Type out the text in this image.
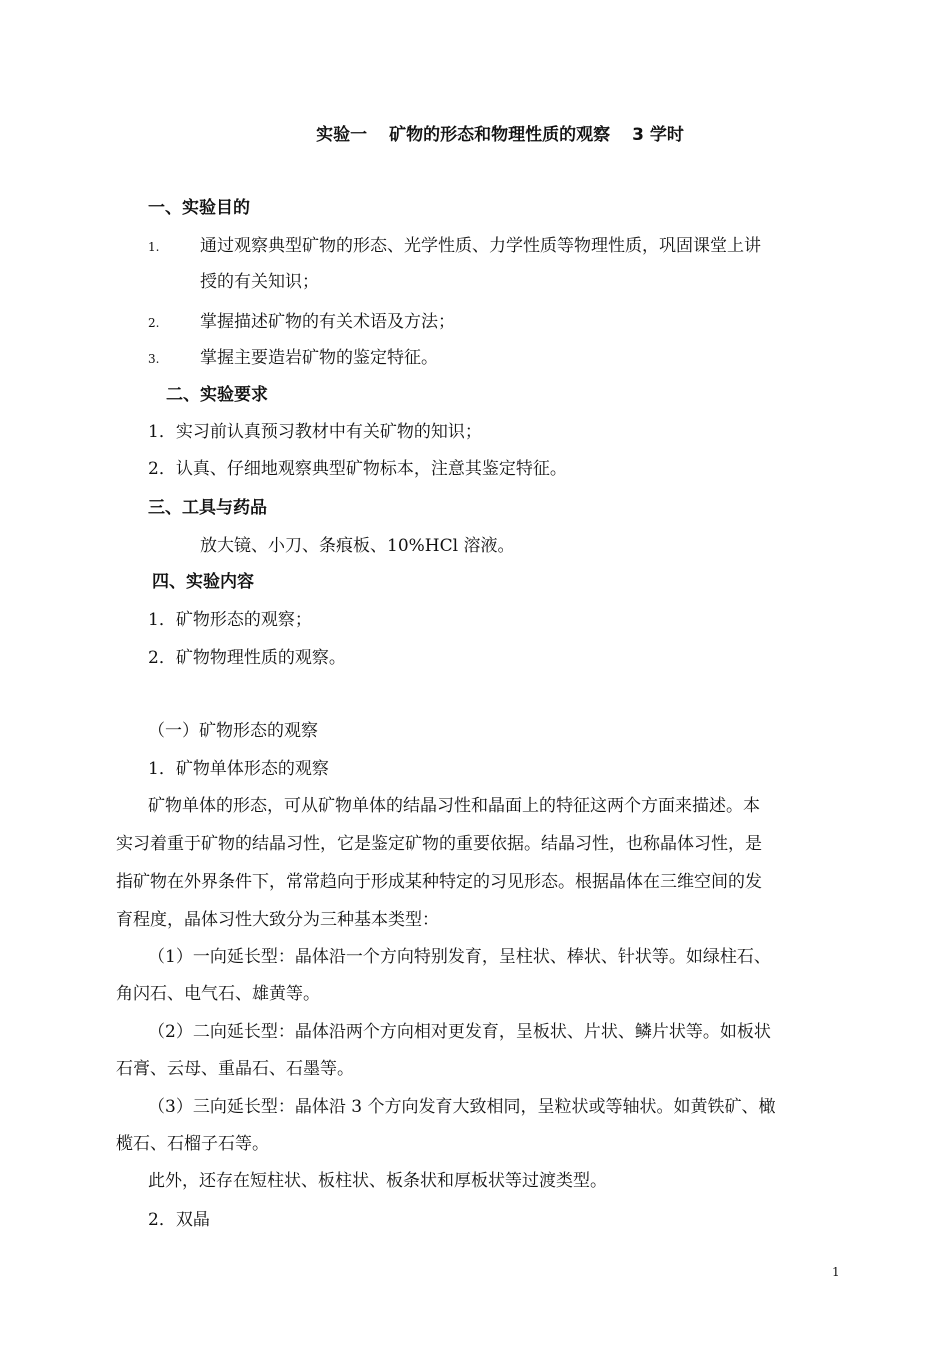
实验一 矿物的形态和物理性质的观察 3 学时
一、实验目的
1. 通过观察典型矿物的形态、光学性质、力学性质等物理性质，巩固课堂上讲
授的有关知识；
2. 掌握描述矿物的有关术语及方法；
3. 掌握主要造岩矿物的鉴定特征。
二、实验要求
1．实习前认真预习教材中有关矿物的知识；
2．认真、仔细地观察典型矿物标本，注意其鉴定特征。
三、工具与药品
放大镜、小刀、条痕板、10%HCl 溶液。
四、实验内容
1．矿物形态的观察；
2．矿物物理性质的观察。
（一）矿物形态的观察
1．矿物单体形态的观察
矿物单体的形态，可从矿物单体的结晶习性和晶面上的特征这两个方面来描述。本
实习着重于矿物的结晶习性，它是鉴定矿物的重要依据。结晶习性，也称晶体习性，是
指矿物在外界条件下，常常趋向于形成某种特定的习见形态。根据晶体在三维空间的发
育程度，晶体习性大致分为三种基本类型：
（1）一向延长型：晶体沿一个方向特别发育，呈柱状、棒状、针状等。如绿柱石、
角闪石、电气石、雄黄等。
（2）二向延长型：晶体沿两个方向相对更发育，呈板状、片状、鳞片状等。如板状
石膏、云母、重晶石、石墨等。
（3）三向延长型：晶体沿 3 个方向发育大致相同，呈粒状或等轴状。如黄铁矿、橄
榄石、石榴子石等。
此外，还存在短柱状、板柱状、板条状和厚板状等过渡类型。
2．双晶
1
